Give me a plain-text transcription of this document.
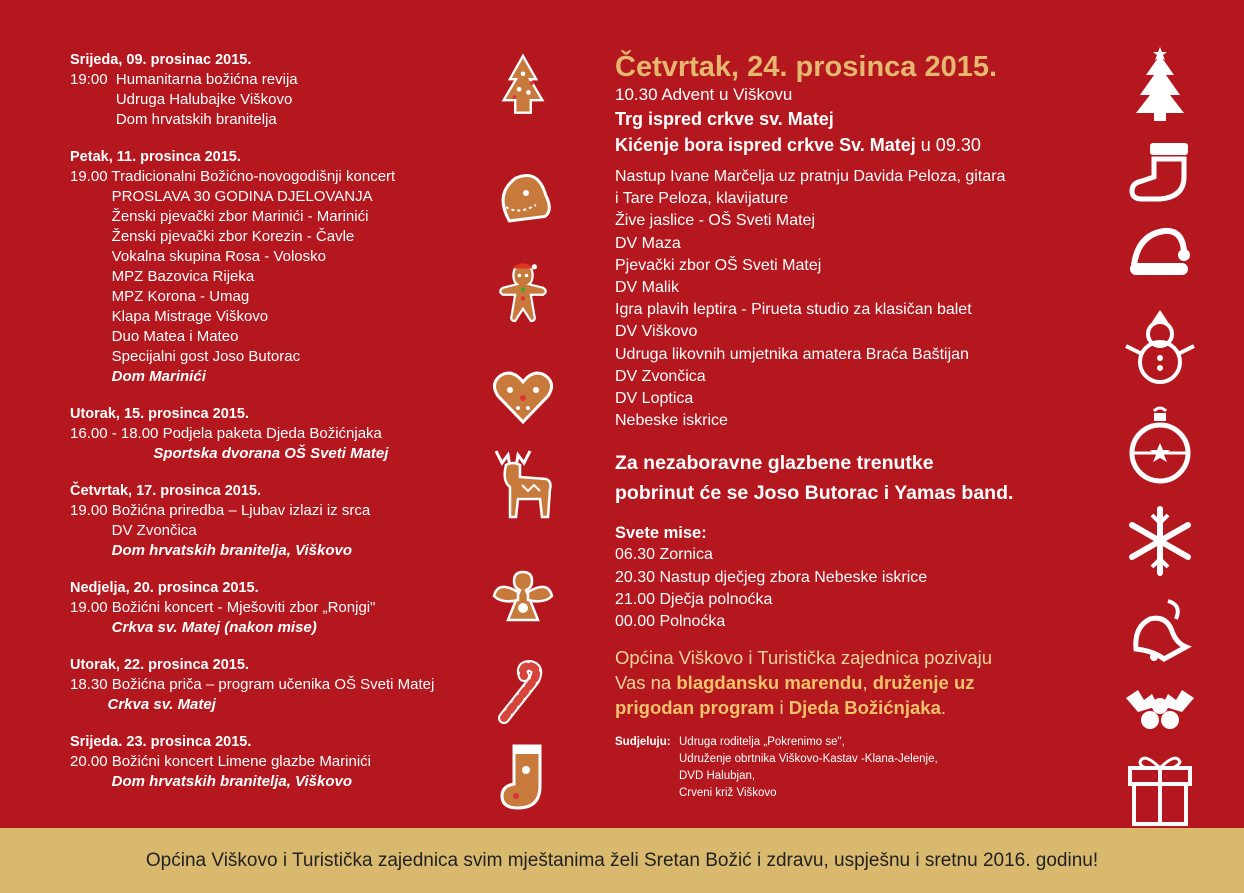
Srijeda, 09. prosinac 2015.
19:00  Humanitarna božićna revija
Udruga Halubajke Viškovo
Dom hrvatskih branitelja
Petak, 11. prosinca 2015.
19.00 Tradicionalni Božićno-novogodišnji koncert
PROSLAVA 30 GODINA DJELOVANJA
Ženski pjevački zbor Marinići - Marinići
Ženski pjevački zbor Korezin - Čavle
Vokalna skupina Rosa - Volosko
MPZ Bazovica Rijeka
MPZ Korona - Umag
Klapa Mistrage Viškovo
Duo Matea i Mateo
Specijalni gost Joso Butorac
Dom Marinići
Utorak, 15. prosinca 2015.
16.00 - 18.00 Podjela paketa Djeda Božićnjaka
Sportska dvorana OŠ Sveti Matej
Četvrtak, 17. prosinca 2015.
19.00 Božićna priredba – Ljubav izlazi iz srca
DV Zvončica
Dom hrvatskih branitelja, Viškovo
Nedjelja, 20. prosinca 2015.
19.00 Božićni koncert - Mješoviti zbor „Ronjgi"
Crkva sv. Matej (nakon mise)
Utorak, 22. prosinca 2015.
18.30 Božićna priča – program učenika OŠ Sveti Matej
Crkva sv. Matej
Srijeda. 23. prosinca 2015.
20.00 Božićni koncert Limene glazbe Marinići
Dom hrvatskih branitelja, Viškovo
Četvrtak, 24. prosinca 2015.
10.30 Advent u Viškovu
Trg ispred crkve sv. Matej
Kićenje bora ispred crkve Sv. Matej u 09.30
Nastup Ivane Marčelja uz pratnju Davida Peloza, gitara
i Tare Peloza, klavijature
Žive jaslice - OŠ Sveti Matej
DV Maza
Pjevački zbor OŠ Sveti Matej
DV Malik
Igra plavih leptira - Pirueta studio za klasičan balet
DV Viškovo
Udruga likovnih umjetnika amatera Braća Baštijan
DV Zvončica
DV Loptica
Nebeske iskrice
Za nezaboravne glazbene trenutke
pobrinut će se Joso Butorac i Yamas band.
Svete mise:
06.30 Zornica
20.30 Nastup dječjeg zbora Nebeske iskrice
21.00 Dječja polnoćka
00.00 Polnoćka
Općina Viškovo i Turistička zajednica pozivaju
Vas na blagdansku marendu, druženje uz
prigodan program i Djeda Božićnjaka.
Sudjeluju: Udruga roditelja „Pokrenimo se",
Udruženje obrtnika Viškovo-Kastav -Klana-Jelenje,
DVD Halubjan,
Crveni križ Viškovo
Općina Viškovo i Turistička zajednica svim mještanima želi Sretan Božić i zdravu, uspješnu i sretnu 2016. godinu!
